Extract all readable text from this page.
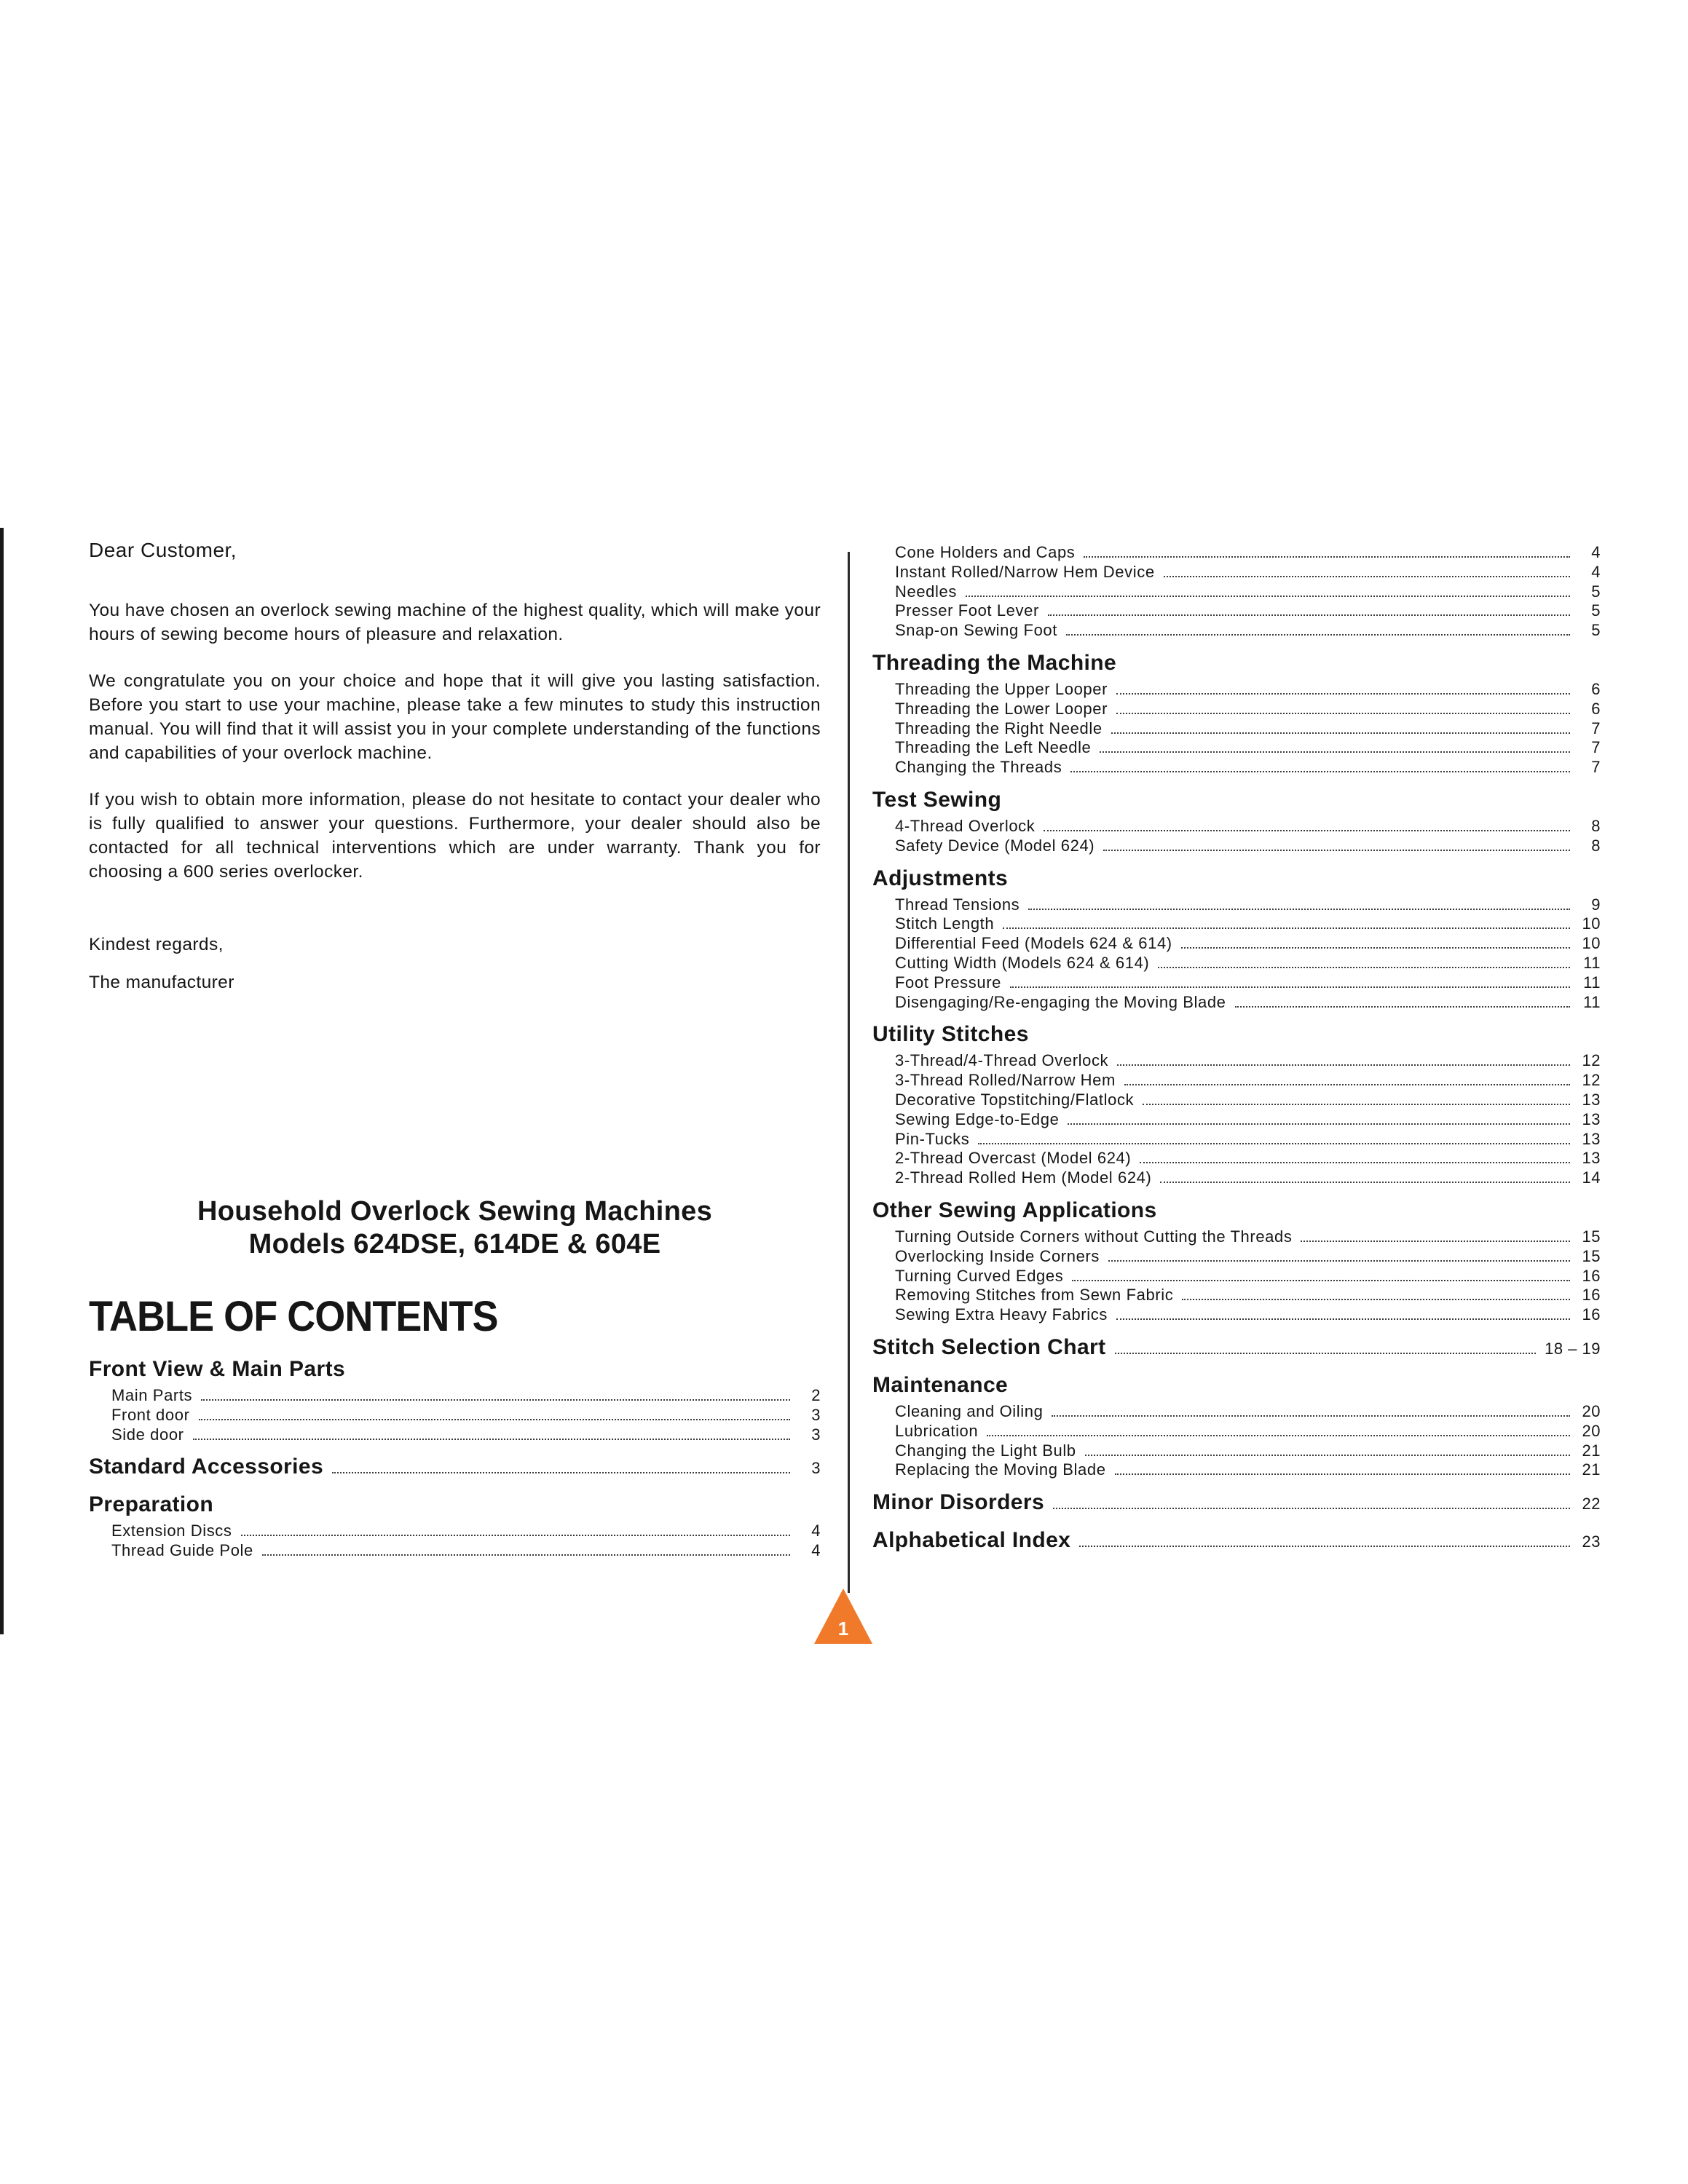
Dear Customer,

You have chosen an overlock sewing machine of the highest quality, which will make your hours of sewing become hours of pleasure and relaxation.

We congratulate you on your choice and hope that it will give you lasting satisfaction. Before you start to use your machine, please take a few minutes to study this instruction manual. You will find that it will assist you in your complete understanding of the functions and capabilities of your overlock machine.

If you wish to obtain more information, please do not hesitate to contact your dealer who is fully qualified to answer your questions. Furthermore, your dealer should also be contacted for all technical interventions which are under warranty. Thank you for choosing a 600 series overlocker.

Kindest regards,
The manufacturer
Household Overlock Sewing Machines
Models 624DSE, 614DE & 604E
TABLE OF CONTENTS
Front View & Main Parts
Main Parts	2
Front door	3
Side door	3
Standard Accessories	3
Preparation
Extension Discs	4
Thread Guide Pole	4
Cone Holders and Caps	4
Instant Rolled/Narrow Hem Device	4
Needles	5
Presser Foot Lever	5
Snap-on Sewing Foot	5
Threading the Machine
Threading the Upper Looper	6
Threading the Lower Looper	6
Threading the Right Needle	7
Threading the Left Needle	7
Changing the Threads	7
Test Sewing
4-Thread Overlock	8
Safety Device (Model 624)	8
Adjustments
Thread Tensions	9
Stitch Length	10
Differential Feed (Models 624 & 614)	10
Cutting Width (Models 624 & 614)	11
Foot Pressure	11
Disengaging/Re-engaging the Moving Blade	11
Utility Stitches
3-Thread/4-Thread Overlock	12
3-Thread Rolled/Narrow Hem	12
Decorative Topstitching/Flatlock	13
Sewing Edge-to-Edge	13
Pin-Tucks	13
2-Thread Overcast (Model 624)	13
2-Thread Rolled Hem (Model 624)	14
Other Sewing Applications
Turning Outside Corners without Cutting the Threads	15
Overlocking Inside Corners	15
Turning Curved Edges	16
Removing Stitches from Sewn Fabric	16
Sewing Extra Heavy Fabrics	16
Stitch Selection Chart	18 – 19
Maintenance
Cleaning and Oiling	20
Lubrication	20
Changing the Light Bulb	21
Replacing the Moving Blade	21
Minor Disorders	22
Alphabetical Index	23
1
